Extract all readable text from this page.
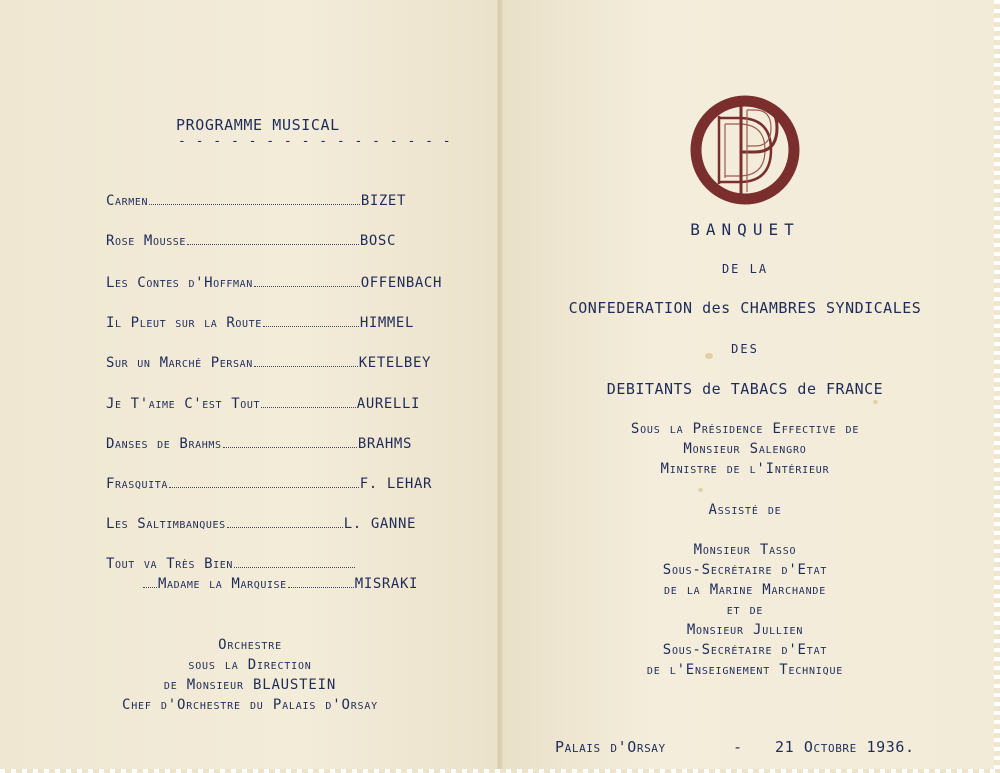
PROGRAMME MUSICAL
- - - - - - - - - - - - - - - -
Carmen	BIZET
Rose Mousse	BOSC
Les Contes d'Hoffman	OFFENBACH
Il Pleut sur la Route	HIMMEL
Sur un Marché Persan	KETELBEY
Je T'aime C'est Tout	AURELLI
Danses de Brahms	BRAHMS
Frasquita	F. LEHAR
Les Saltimbanques	L. GANNE
Tout va Très Bien
Madame la Marquise	MISRAKI
Orchestre
sous la Direction
de Monsieur BLAUSTEIN
Chef d'Orchestre du Palais d'Orsay
BANQUET
DE LA
CONFEDERATION des CHAMBRES SYNDICALES
DES
DEBITANTS de TABACS de FRANCE
Sous la Présidence Effective de
Monsieur Salengro
Ministre de l'Intérieur
Assisté de
Monsieur Tasso
Sous-Secrétaire d'Etat
de la Marine Marchande
et de
Monsieur Jullien
Sous-Secrétaire d'Etat
de l'Enseignement Technique
Palais d'Orsay	- 21 Octobre 1936.
